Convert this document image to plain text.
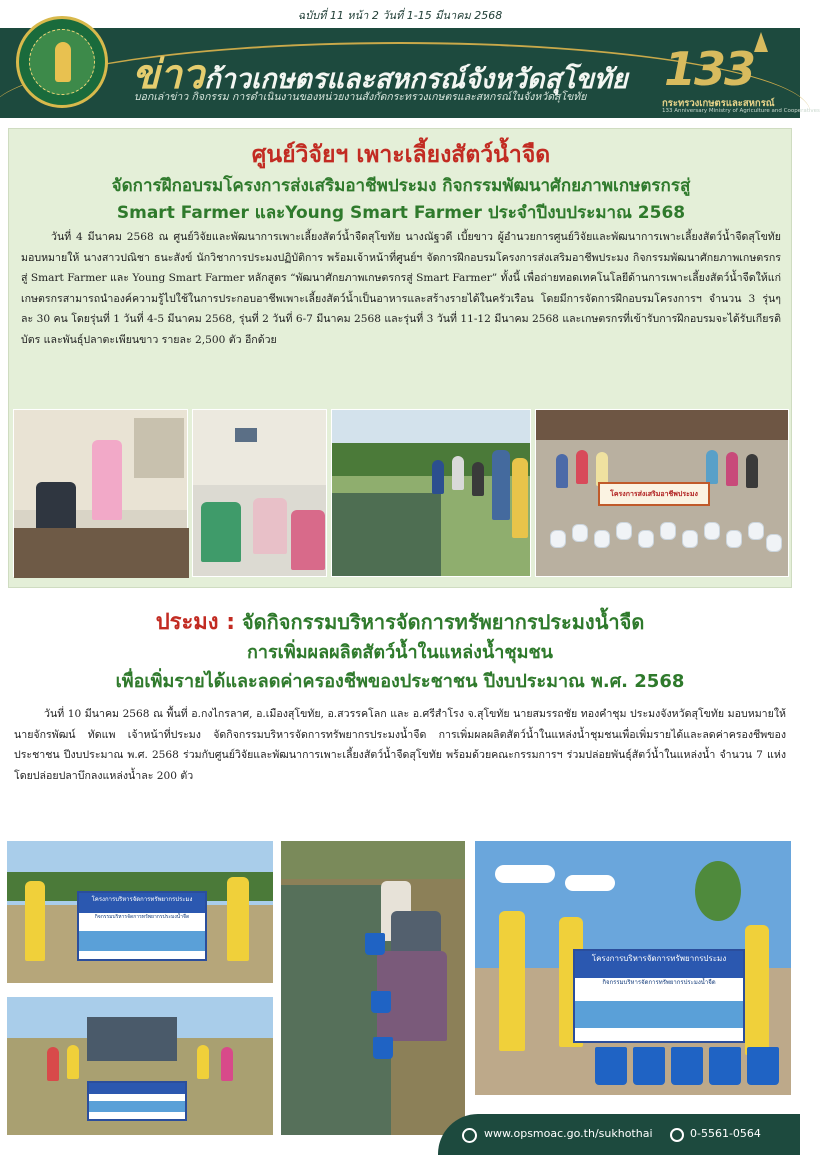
ฉบับที่ 11 หน้า 2 วันที่ 1-15 มีนาคม 2568
ข่าวก้าวเกษตรและสหกรณ์จังหวัดสุโขทัย
บอกเล่าข่าว กิจกรรม การดำเนินงานของหน่วยงานสังกัดกระทรวงเกษตรและสหกรณ์ในจังหวัดสุโขทัย
133
กระทรวงเกษตรและสหกรณ์
133 Anniversary Ministry of Agriculture and Cooperatives
ศูนย์วิจัยฯ เพาะเลี้ยงสัตว์น้ำจืด
จัดการฝึกอบรมโครงการส่งเสริมอาชีพประมง กิจกรรมพัฒนาศักยภาพเกษตรกรสู่
Smart Farmer และYoung Smart Farmer ประจำปีงบประมาณ 2568
วันที่ 4 มีนาคม 2568 ณ ศูนย์วิจัยและพัฒนาการเพาะเลี้ยงสัตว์น้ำจืดสุโขทัย นางณัฐวดี เบี้ยขาว ผู้อำนวยการศูนย์วิจัยและพัฒนาการเพาะเลี้ยงสัตว์น้ำจืดสุโขทัย มอบหมายให้ นางสาวปณิชา ธนะสังข์ นักวิชาการประมงปฏิบัติการ พร้อมเจ้าหน้าที่ศูนย์ฯ จัดการฝึกอบรมโครงการส่งเสริมอาชีพประมง กิจกรรมพัฒนาศักยภาพเกษตรกรสู่ Smart Farmer และ Young Smart Farmer หลักสูตร “พัฒนาศักยภาพเกษตรกรสู่ Smart Farmer” ทั้งนี้ เพื่อถ่ายทอดเทคโนโลยีด้านการเพาะเลี้ยงสัตว์น้ำจืดให้แก่เกษตรกรสามารถนำองค์ความรู้ไปใช้ในการประกอบอาชีพเพาะเลี้ยงสัตว์น้ำเป็นอาหารและสร้างรายได้ในครัวเรือน โดยมีการจัดการฝึกอบรมโครงการฯ จำนวน 3 รุ่นๆ ละ 30 คน โดยรุ่นที่ 1 วันที่ 4-5 มีนาคม 2568, รุ่นที่ 2 วันที่ 6-7 มีนาคม 2568 และรุ่นที่ 3 วันที่ 11-12 มีนาคม 2568 และเกษตรกรที่เข้ารับการฝึกอบรมจะได้รับเกียรติบัตร และพันธุ์ปลาตะเพียนขาว รายละ 2,500 ตัว อีกด้วย
โครงการส่งเสริมอาชีพประมง
ประมง : จัดกิจกรรมบริหารจัดการทรัพยากรประมงน้ำจืด
การเพิ่มผลผลิตสัตว์น้ำในแหล่งน้ำชุมชน
เพื่อเพิ่มรายได้และลดค่าครองชีพของประชาชน ปีงบประมาณ พ.ศ. 2568
วันที่ 10 มีนาคม 2568 ณ พื้นที่ อ.กงไกรลาศ, อ.เมืองสุโขทัย, อ.สวรรคโลก และ อ.ศรีสำโรง จ.สุโขทัย นายสมรรถชัย ทองคำชุม ประมงจังหวัดสุโขทัย มอบหมายให้ นายจักรพัฒน์ ทัดแพ เจ้าหน้าที่ประมง จัดกิจกรรมบริหารจัดการทรัพยากรประมงน้ำจืด การเพิ่มผลผลิตสัตว์น้ำในแหล่งน้ำชุมชนเพื่อเพิ่มรายได้และลดค่าครองชีพของประชาชน ปีงบประมาณ พ.ศ. 2568 ร่วมกับศูนย์วิจัยและพัฒนาการเพาะเลี้ยงสัตว์น้ำจืดสุโขทัย พร้อมด้วยคณะกรรมการฯ ร่วมปล่อยพันธุ์สัตว์น้ำในแหล่งน้ำ จำนวน 7 แห่ง โดยปล่อยปลาบึกลงแหล่งน้ำละ 200 ตัว
โครงการบริหารจัดการทรัพยากรประมง
กิจกรรมบริหารจัดการทรัพยากรประมงน้ำจืด
โครงการบริหารจัดการทรัพยากรประมง
กิจกรรมบริหารจัดการทรัพยากรประมงน้ำจืด
www.opsmoac.go.th/sukhothai	0-5561-0564
